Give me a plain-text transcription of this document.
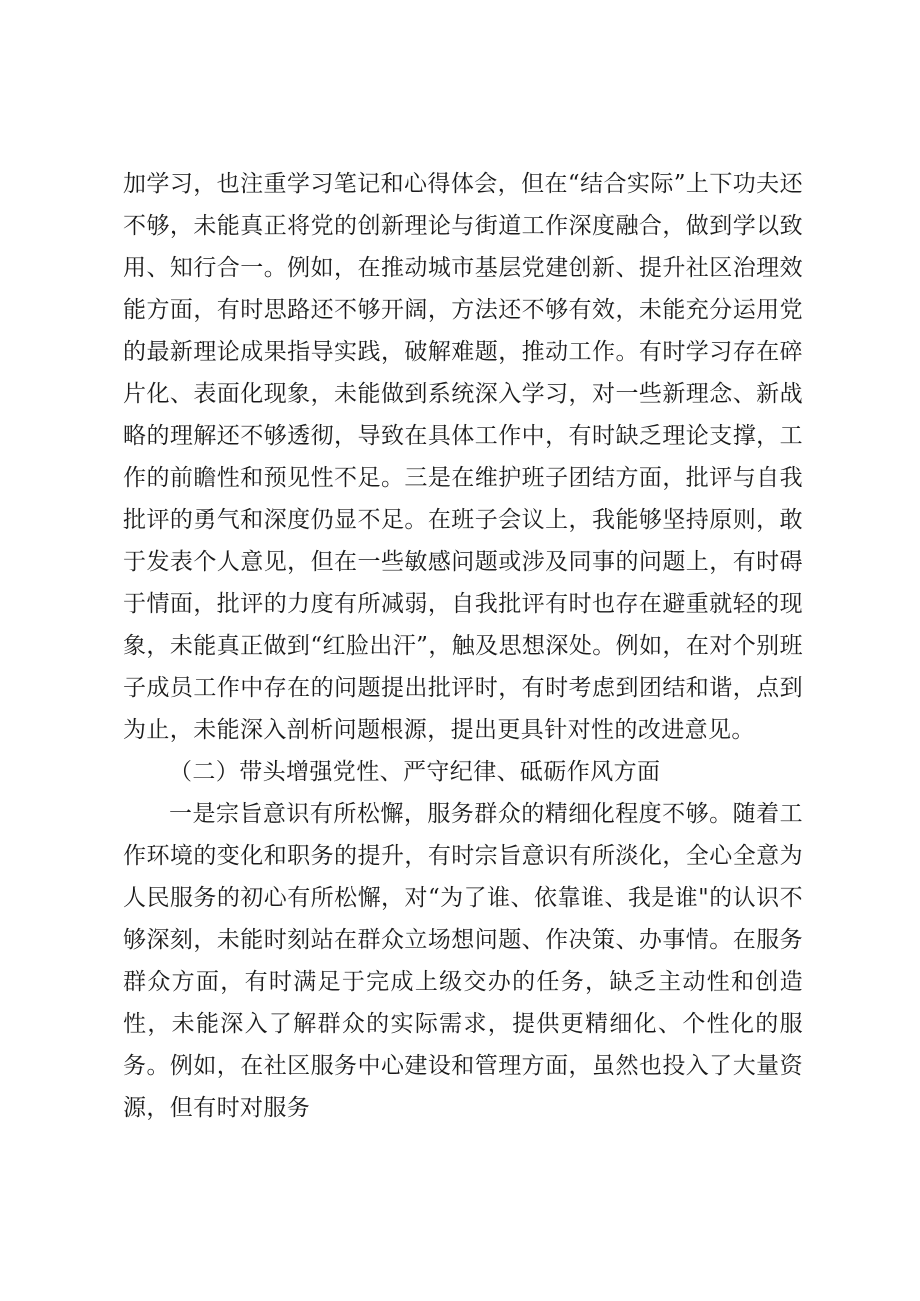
加学习，也注重学习笔记和心得体会，但在“结合实际”上下功夫还不够，未能真正将党的创新理论与街道工作深度融合，做到学以致用、知行合一。例如，在推动城市基层党建创新、提升社区治理效能方面，有时思路还不够开阔，方法还不够有效，未能充分运用党的最新理论成果指导实践，破解难题，推动工作。有时学习存在碎片化、表面化现象，未能做到系统深入学习，对一些新理念、新战略的理解还不够透彻，导致在具体工作中，有时缺乏理论支撑，工作的前瞻性和预见性不足。三是在维护班子团结方面，批评与自我批评的勇气和深度仍显不足。在班子会议上，我能够坚持原则，敢于发表个人意见，但在一些敏感问题或涉及同事的问题上，有时碍于情面，批评的力度有所减弱，自我批评有时也存在避重就轻的现象，未能真正做到“红脸出汗”，触及思想深处。例如，在对个别班子成员工作中存在的问题提出批评时，有时考虑到团结和谐，点到为止，未能深入剖析问题根源，提出更具针对性的改进意见。

（二）带头增强党性、严守纪律、砥砺作风方面

一是宗旨意识有所松懈，服务群众的精细化程度不够。随着工作环境的变化和职务的提升，有时宗旨意识有所淡化，全心全意为人民服务的初心有所松懈，对“为了谁、依靠谁、我是谁"的认识不够深刻，未能时刻站在群众立场想问题、作决策、办事情。在服务群众方面，有时满足于完成上级交办的任务，缺乏主动性和创造性，未能深入了解群众的实际需求，提供更精细化、个性化的服务。例如，在社区服务中心建设和管理方面，虽然也投入了大量资源，但有时对服务
